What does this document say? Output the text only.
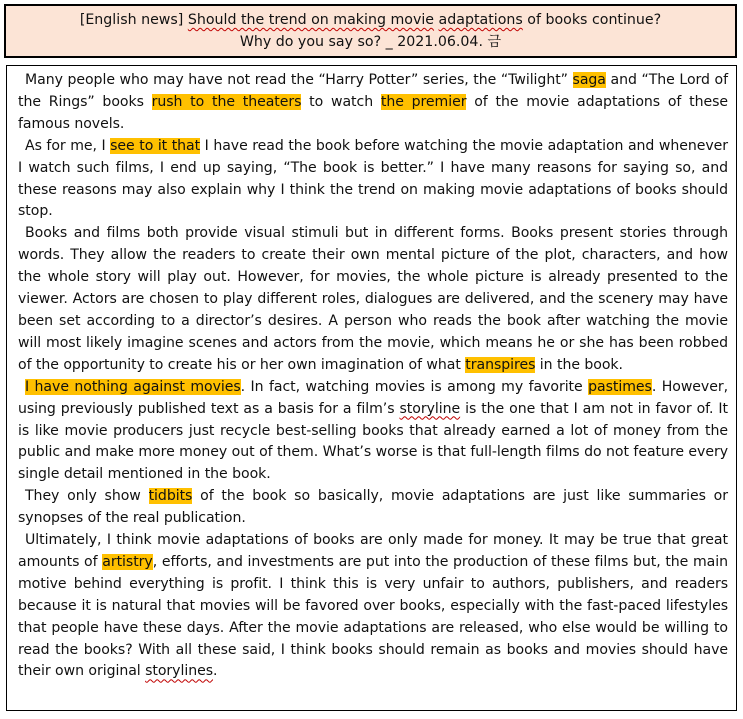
[English news] Should the trend on making movie adaptations of books continue?
Why do you say so? _ 2021.06.04. 금

Many people who may have not read the “Harry Potter” series, the “Twilight” saga and “The Lord of the Rings” books rush to the theaters to watch the premier of the movie adaptations of these famous novels.

As for me, I see to it that I have read the book before watching the movie adaptation and whenever I watch such films, I end up saying, “The book is better.” I have many reasons for saying so, and these reasons may also explain why I think the trend on making movie adaptations of books should stop.

Books and films both provide visual stimuli but in different forms. Books present stories through words. They allow the readers to create their own mental picture of the plot, characters, and how the whole story will play out. However, for movies, the whole picture is already presented to the viewer. Actors are chosen to play different roles, dialogues are delivered, and the scenery may have been set according to a director’s desires. A person who reads the book after watching the movie will most likely imagine scenes and actors from the movie, which means he or she has been robbed of the opportunity to create his or her own imagination of what transpires in the book.

I have nothing against movies. In fact, watching movies is among my favorite pastimes. However, using previously published text as a basis for a film’s storyline is the one that I am not in favor of. It is like movie producers just recycle best-selling books that already earned a lot of money from the public and make more money out of them. What’s worse is that full-length films do not feature every single detail mentioned in the book.

They only show tidbits of the book so basically, movie adaptations are just like summaries or synopses of the real publication.

Ultimately, I think movie adaptations of books are only made for money. It may be true that great amounts of artistry, efforts, and investments are put into the production of these films but, the main motive behind everything is profit. I think this is very unfair to authors, publishers, and readers because it is natural that movies will be favored over books, especially with the fast-paced lifestyles that people have these days. After the movie adaptations are released, who else would be willing to read the books? With all these said, I think books should remain as books and movies should have their own original storylines.
